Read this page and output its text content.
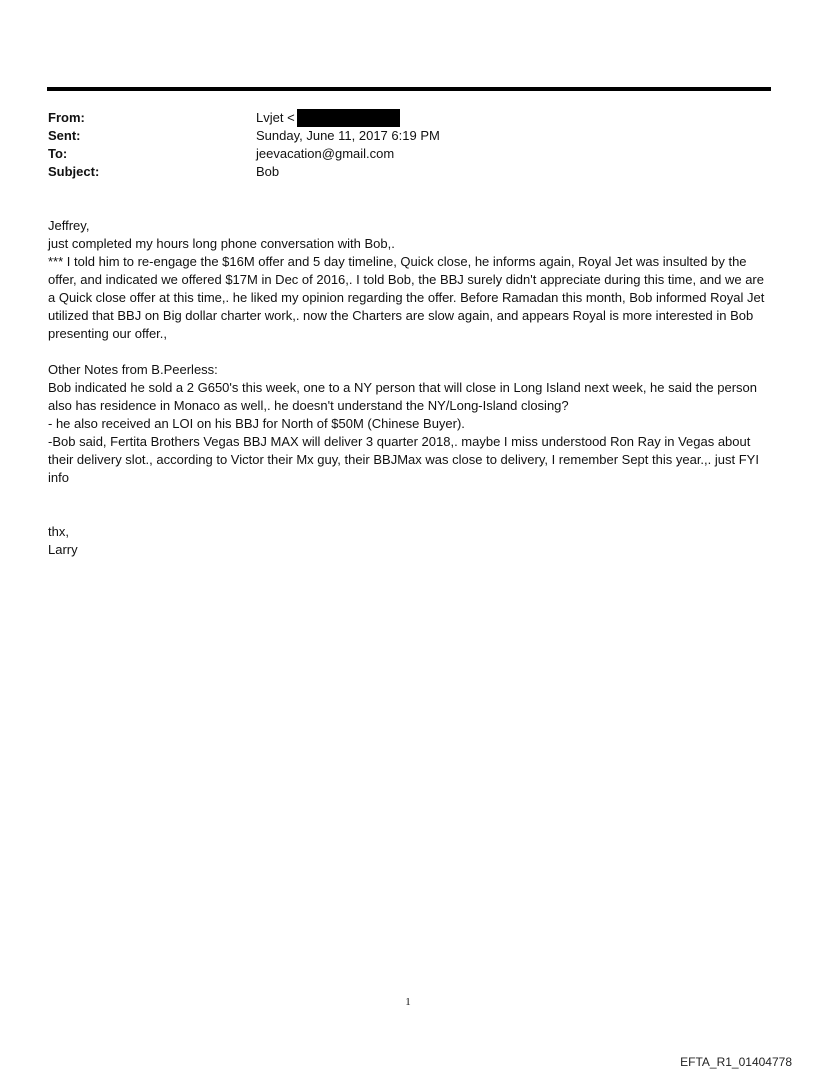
From:	Lvjet <
Sent:	Sunday, June 11, 2017 6:19 PM
To:	jeevacation@gmail.com
Subject:	Bob

Jeffrey,

just completed my hours long phone conversation with Bob,.

*** I told him to re-engage the $16M offer and 5 day timeline, Quick close, he informs again, Royal Jet was insulted by the offer, and indicated we offered $17M in Dec of 2016,. I told Bob, the BBJ surely didn't appreciate during this time, and we are a Quick close offer at this time,. he liked my opinion regarding the offer. Before Ramadan this month, Bob informed Royal Jet utilized that BBJ on Big dollar charter work,. now the Charters are slow again, and appears Royal is more interested in Bob presenting our offer.,

Other Notes from B.Peerless:

Bob indicated he sold a 2 G650's this week, one to a NY person that will close in Long Island next week, he said the person also has residence in Monaco as well,. he doesn't understand the NY/Long-Island closing?

- he also received an LOI on his BBJ for North of $50M (Chinese Buyer).

-Bob said, Fertita Brothers Vegas BBJ MAX will deliver 3 quarter 2018,. maybe I miss understood Ron Ray in Vegas about their delivery slot., according to Victor their Mx guy, their BBJMax was close to delivery, I remember Sept this year.,. just FYI info

thx,

Larry

1
EFTA_R1_01404778
